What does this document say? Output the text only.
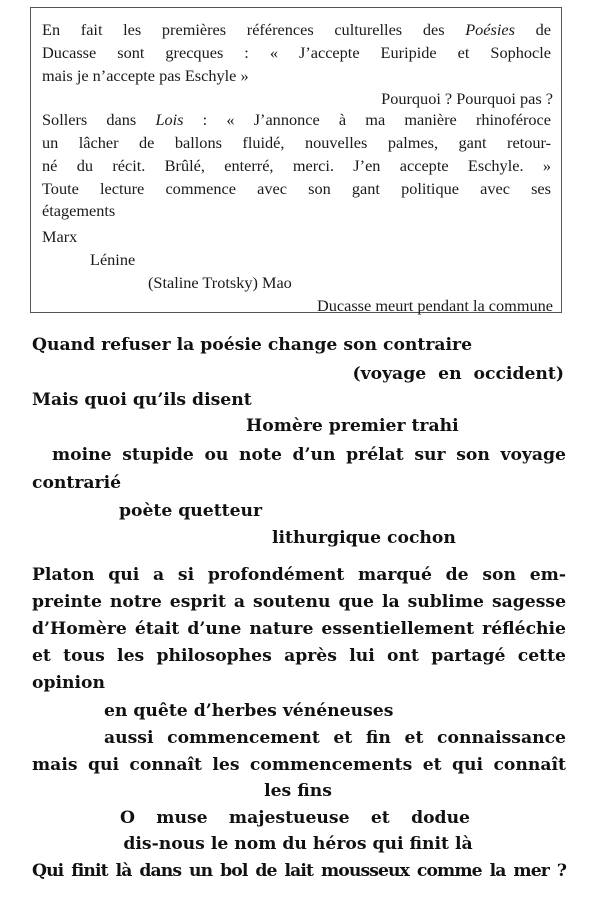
En fait les premières références culturelles des Poésies de
Ducasse sont grecques : « J’accepte Euripide et Sophocle
mais je n’accepte pas Eschyle »
Pourquoi ? Pourquoi pas ?
Sollers dans Lois : « J’annonce à ma manière rhinoféroce
un lâcher de ballons fluidé, nouvelles palmes, gant retour-
né du récit. Brûlé, enterré, merci. J’en accepte Eschyle. »
Toute lecture commence avec son gant politique avec ses
étagements
Marx
Lénine
(Staline Trotsky) Mao
Ducasse meurt pendant la commune
Quand refuser la poésie change son contraire
(voyage en occident)
Mais quoi qu’ils disent
Homère premier trahi
moine stupide ou note d’un prélat sur son voyage
contrarié
poète quetteur
lithurgique cochon
Platon qui a si profondément marqué de son em-
preinte notre esprit a soutenu que la sublime sagesse
d’Homère était d’une nature essentiellement réfléchie
et tous les philosophes après lui ont partagé cette
opinion
en quête d’herbes vénéneuses
aussi commencement et fin et connaissance
mais qui connaît les commencements et qui connaît
les fins
O muse majestueuse et dodue
dis-nous le nom du héros qui finit là
Qui finit là dans un bol de lait mousseux comme la mer ?
